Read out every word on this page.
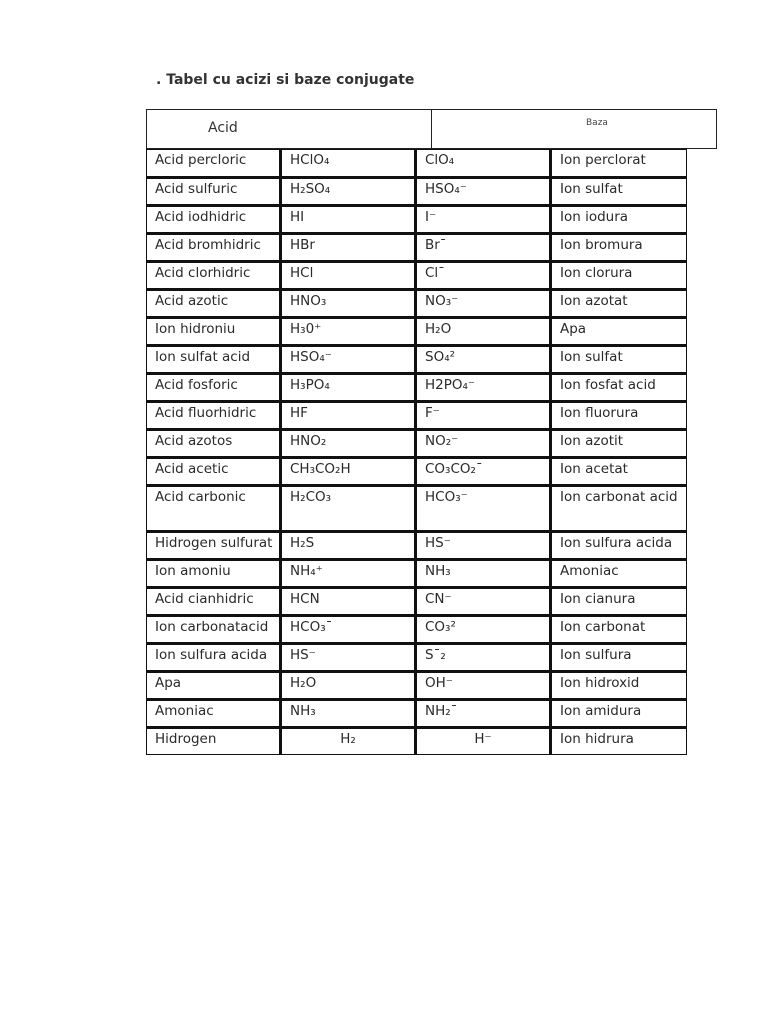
. Tabel cu acizi si baze conjugate
Acid	Baza
Acid percloric	HClO₄	ClO₄	Ion perclorat
Acid sulfuric	H₂SO₄	HSO₄⁻	Ion sulfat
Acid iodhidric	HI	I⁻	Ion iodura
Acid bromhidric	HBr	Br¯	Ion bromura
Acid clorhidric	HCl	Cl¯	Ion clorura
Acid azotic	HNO₃	NO₃⁻	Ion azotat
Ion hidroniu	H₃0⁺	H₂O	Apa
Ion sulfat acid	HSO₄⁻	SO₄²	Ion sulfat
Acid fosforic	H₃PO₄	H2PO₄⁻	Ion fosfat acid
Acid fluorhidric	HF	F⁻	Ion fluorura
Acid azotos	HNO₂	NO₂⁻	Ion azotit
Acid acetic	CH₃CO₂H	CO₃CO₂¯	Ion acetat
Acid carbonic	H₂CO₃	HCO₃⁻	Ion carbonat acid
Hidrogen sulfurat	H₂S	HS⁻	Ion sulfura acida
Ion amoniu	NH₄⁺	NH₃	Amoniac
Acid cianhidric	HCN	CN⁻	Ion cianura
Ion carbonatacid	HCO₃¯	CO₃²	Ion carbonat
Ion sulfura acida	HS⁻	S¯₂	Ion sulfura
Apa	H₂O	OH⁻	Ion hidroxid
Amoniac	NH₃	NH₂¯	Ion amidura
Hidrogen	H₂	H⁻	Ion hidrura
